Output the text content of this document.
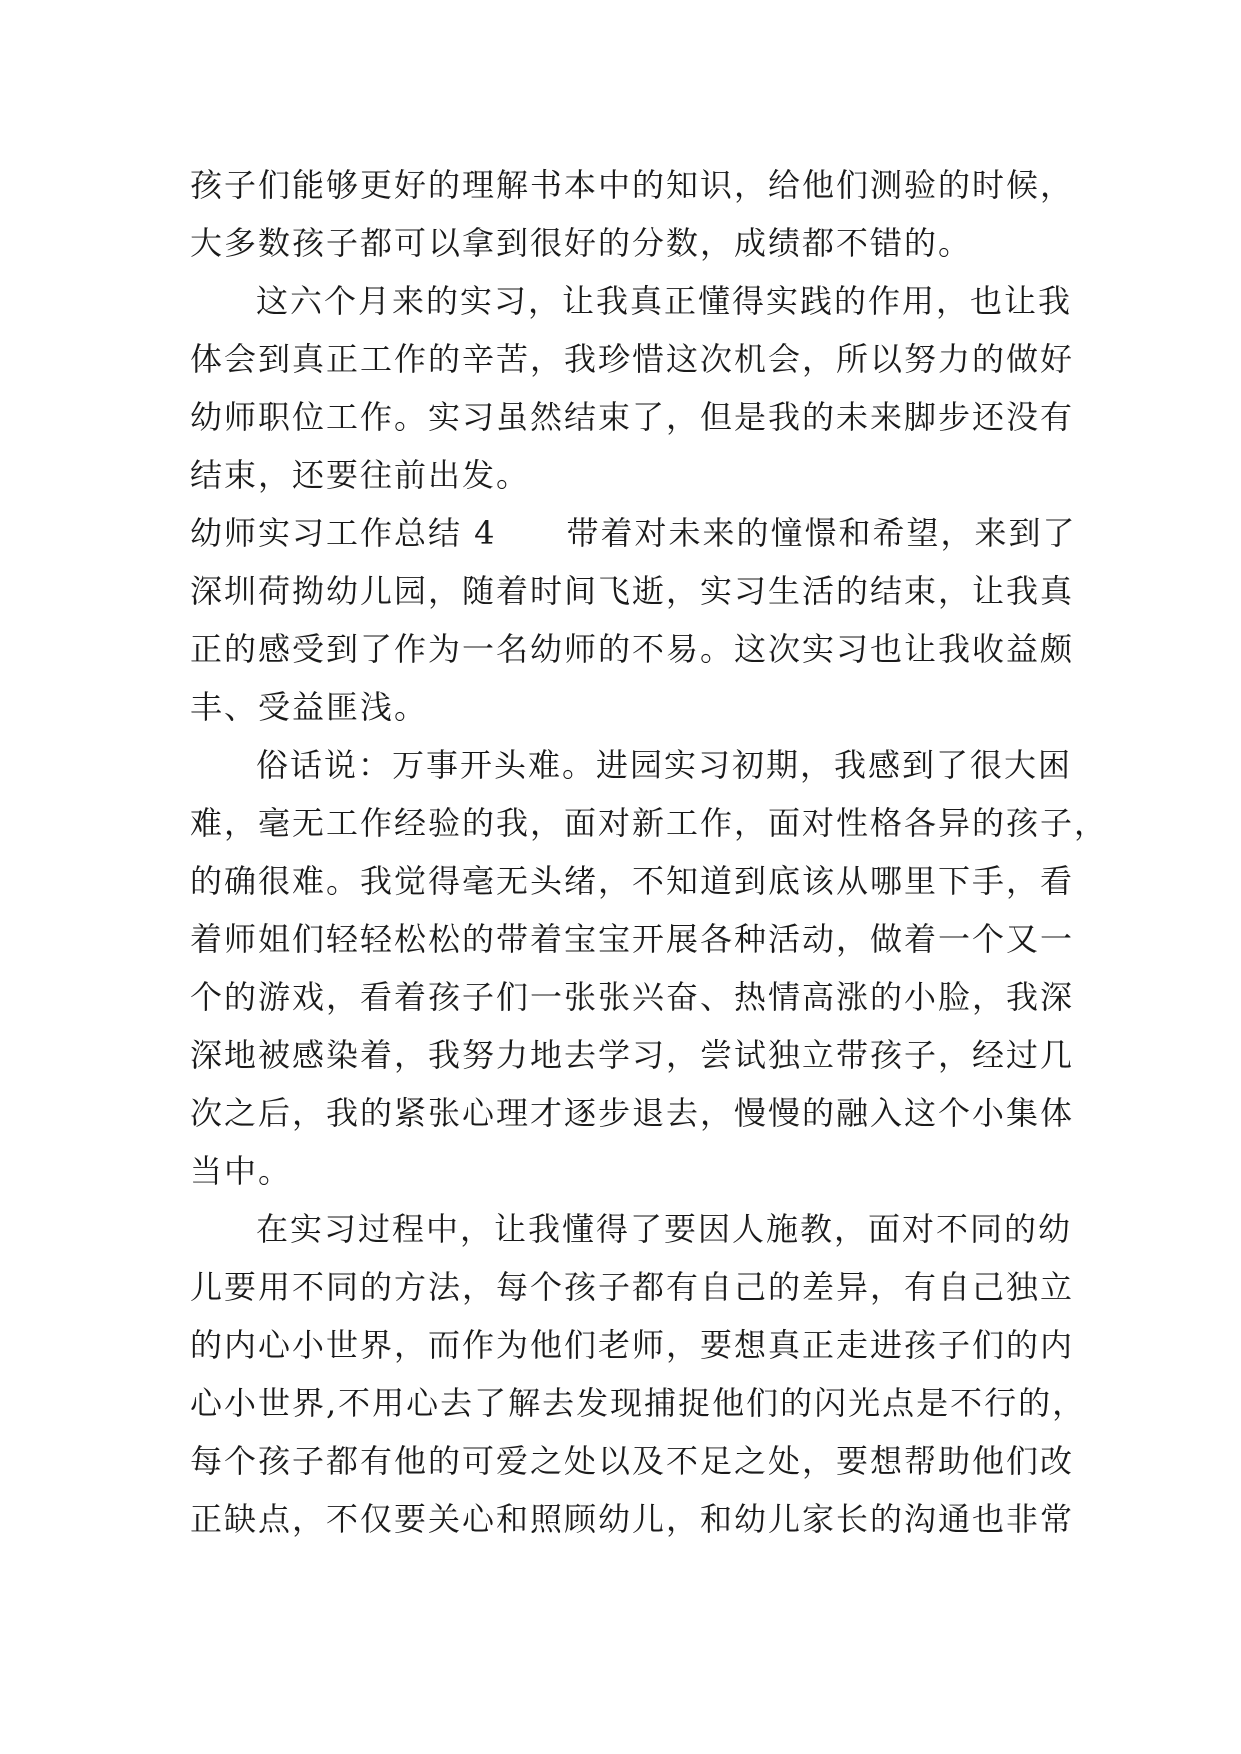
孩子们能够更好的理解书本中的知识，给他们测验的时候，
大多数孩子都可以拿到很好的分数，成绩都不错的。
这六个月来的实习，让我真正懂得实践的作用，也让我
体会到真正工作的辛苦，我珍惜这次机会，所以努力的做好
幼师职位工作。实习虽然结束了，但是我的未来脚步还没有
结束，还要往前出发。
幼师实习工作总结 4 带着对未来的憧憬和希望，来到了
深圳荷拗幼儿园，随着时间飞逝，实习生活的结束，让我真
正的感受到了作为一名幼师的不易。这次实习也让我收益颇
丰、受益匪浅。
俗话说：万事开头难。进园实习初期，我感到了很大困
难，毫无工作经验的我，面对新工作，面对性格各异的孩子，
的确很难。我觉得毫无头绪，不知道到底该从哪里下手，看
着师姐们轻轻松松的带着宝宝开展各种活动，做着一个又一
个的游戏，看着孩子们一张张兴奋、热情高涨的小脸，我深
深地被感染着，我努力地去学习，尝试独立带孩子，经过几
次之后，我的紧张心理才逐步退去，慢慢的融入这个小集体
当中。
在实习过程中，让我懂得了要因人施教，面对不同的幼
儿要用不同的方法，每个孩子都有自己的差异，有自己独立
的内心小世界，而作为他们老师，要想真正走进孩子们的内
心小世界,不用心去了解去发现捕捉他们的闪光点是不行的，
每个孩子都有他的可爱之处以及不足之处，要想帮助他们改
正缺点，不仅要关心和照顾幼儿，和幼儿家长的沟通也非常
